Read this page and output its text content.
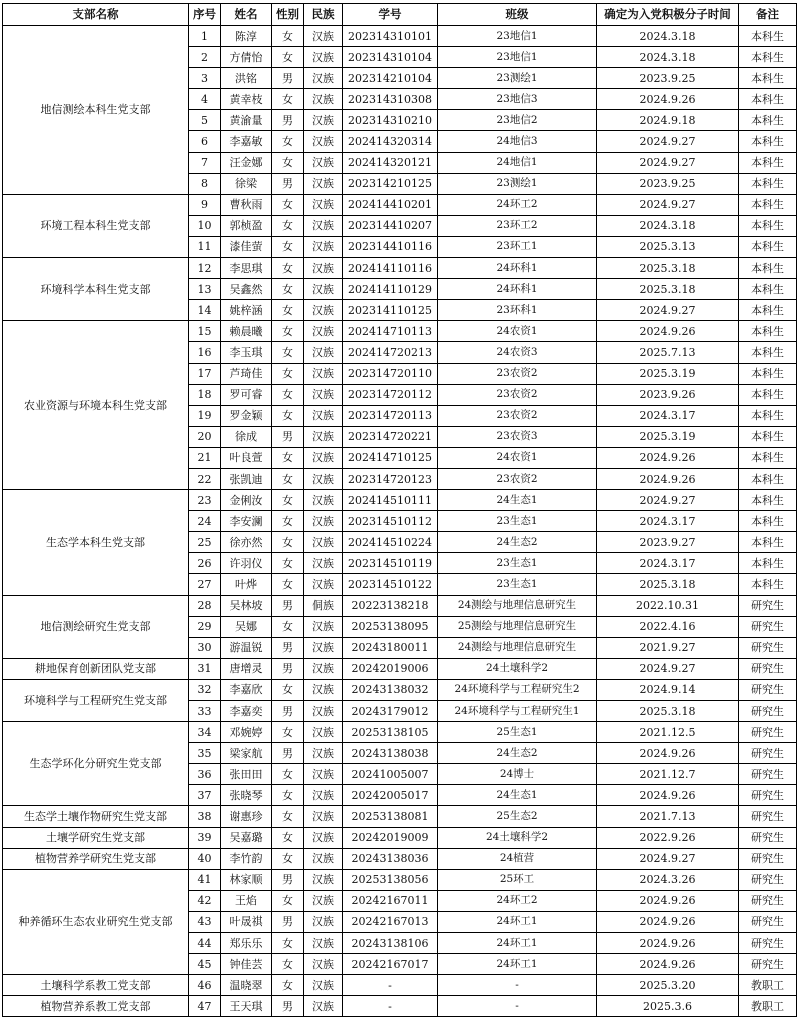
支部名称	序号	姓名	性别	民族	学号	班级	确定为入党积极分子时间	备注
地信测绘本科生党支部	1	陈淳	女	汉族	202314310101	23地信1	2024.3.18	本科生
	2	方倩怡	女	汉族	202314310104	23地信1	2024.3.18	本科生
	3	洪铭	男	汉族	202314210104	23测绘1	2023.9.25	本科生
	4	黄幸枝	女	汉族	202314310308	23地信3	2024.9.26	本科生
	5	黄渝量	男	汉族	202314310210	23地信2	2024.9.18	本科生
	6	李嘉敏	女	汉族	202414320314	24地信3	2024.9.27	本科生
	7	汪金娜	女	汉族	202414320121	24地信1	2024.9.27	本科生
	8	徐梁	男	汉族	202314210125	23测绘1	2023.9.25	本科生
环境工程本科生党支部	9	曹秋雨	女	汉族	202414410201	24环工2	2024.9.27	本科生
	10	郭桢盈	女	汉族	202314410207	23环工2	2024.3.18	本科生
	11	漆佳萤	女	汉族	202314410116	23环工1	2025.3.13	本科生
环境科学本科生党支部	12	李思琪	女	汉族	202414110116	24环科1	2025.3.18	本科生
	13	吴鑫然	女	汉族	202414110129	24环科1	2025.3.18	本科生
	14	姚梓涵	女	汉族	202314110125	23环科1	2024.9.27	本科生
农业资源与环境本科生党支部	15	赖晨曦	女	汉族	202414710113	24农资1	2024.9.26	本科生
	16	李玉琪	女	汉族	202414720213	24农资3	2025.7.13	本科生
	17	芦琦佳	女	汉族	202314720110	23农资2	2025.3.19	本科生
	18	罗可睿	女	汉族	202314720112	23农资2	2023.9.26	本科生
	19	罗金颖	女	汉族	202314720113	23农资2	2024.3.17	本科生
	20	徐成	男	汉族	202314720221	23农资3	2025.3.19	本科生
	21	叶良萱	女	汉族	202414710125	24农资1	2024.9.26	本科生
	22	张凯迪	女	汉族	202314720123	23农资2	2024.9.26	本科生
生态学本科生党支部	23	金俐汝	女	汉族	202414510111	24生态1	2024.9.27	本科生
	24	李安澜	女	汉族	202314510112	23生态1	2024.3.17	本科生
	25	徐亦然	女	汉族	202414510224	24生态2	2023.9.27	本科生
	26	许羽仪	女	汉族	202314510119	23生态1	2024.3.17	本科生
	27	叶烨	女	汉族	202314510122	23生态1	2025.3.18	本科生
地信测绘研究生党支部	28	吴林坡	男	侗族	20223138218	24测绘与地理信息研究生	2022.10.31	研究生
	29	吴娜	女	汉族	20253138095	25测绘与地理信息研究生	2022.4.16	研究生
	30	游温锐	男	汉族	20243180011	24测绘与地理信息研究生	2021.9.27	研究生
耕地保育创新团队党支部	31	唐增灵	男	汉族	20242019006	24土壤科学2	2024.9.27	研究生
环境科学与工程研究生党支部	32	李嘉欣	女	汉族	20243138032	24环境科学与工程研究生2	2024.9.14	研究生
	33	李嘉奕	男	汉族	20243179012	24环境科学与工程研究生1	2025.3.18	研究生
生态学环化分研究生党支部	34	邓婉婷	女	汉族	20253138105	25生态1	2021.12.5	研究生
	35	梁家航	男	汉族	20243138038	24生态2	2024.9.26	研究生
	36	张田田	女	汉族	20241005007	24博士	2021.12.7	研究生
	37	张晓琴	女	汉族	20242005017	24生态1	2024.9.26	研究生
生态学土壤作物研究生党支部	38	谢惠珍	女	汉族	20253138081	25生态2	2021.7.13	研究生
土壤学研究生党支部	39	吴嘉璐	女	汉族	20242019009	24土壤科学2	2022.9.26	研究生
植物营养学研究生党支部	40	李竹韵	女	汉族	20243138036	24植营	2024.9.27	研究生
种养循环生态农业研究生党支部	41	林家顺	男	汉族	20253138056	25环工	2024.3.26	研究生
	42	王焰	女	汉族	20242167011	24环工2	2024.9.26	研究生
	43	叶晟祺	男	汉族	20242167013	24环工1	2024.9.26	研究生
	44	郑乐乐	女	汉族	20243138106	24环工1	2024.9.26	研究生
	45	钟佳芸	女	汉族	20242167017	24环工1	2024.9.26	研究生
土壤科学系教工党支部	46	温晓翠	女	汉族	-	-	2025.3.20	教职工
植物营养系教工党支部	47	王天琪	男	汉族	-	-	2025.3.6	教职工
